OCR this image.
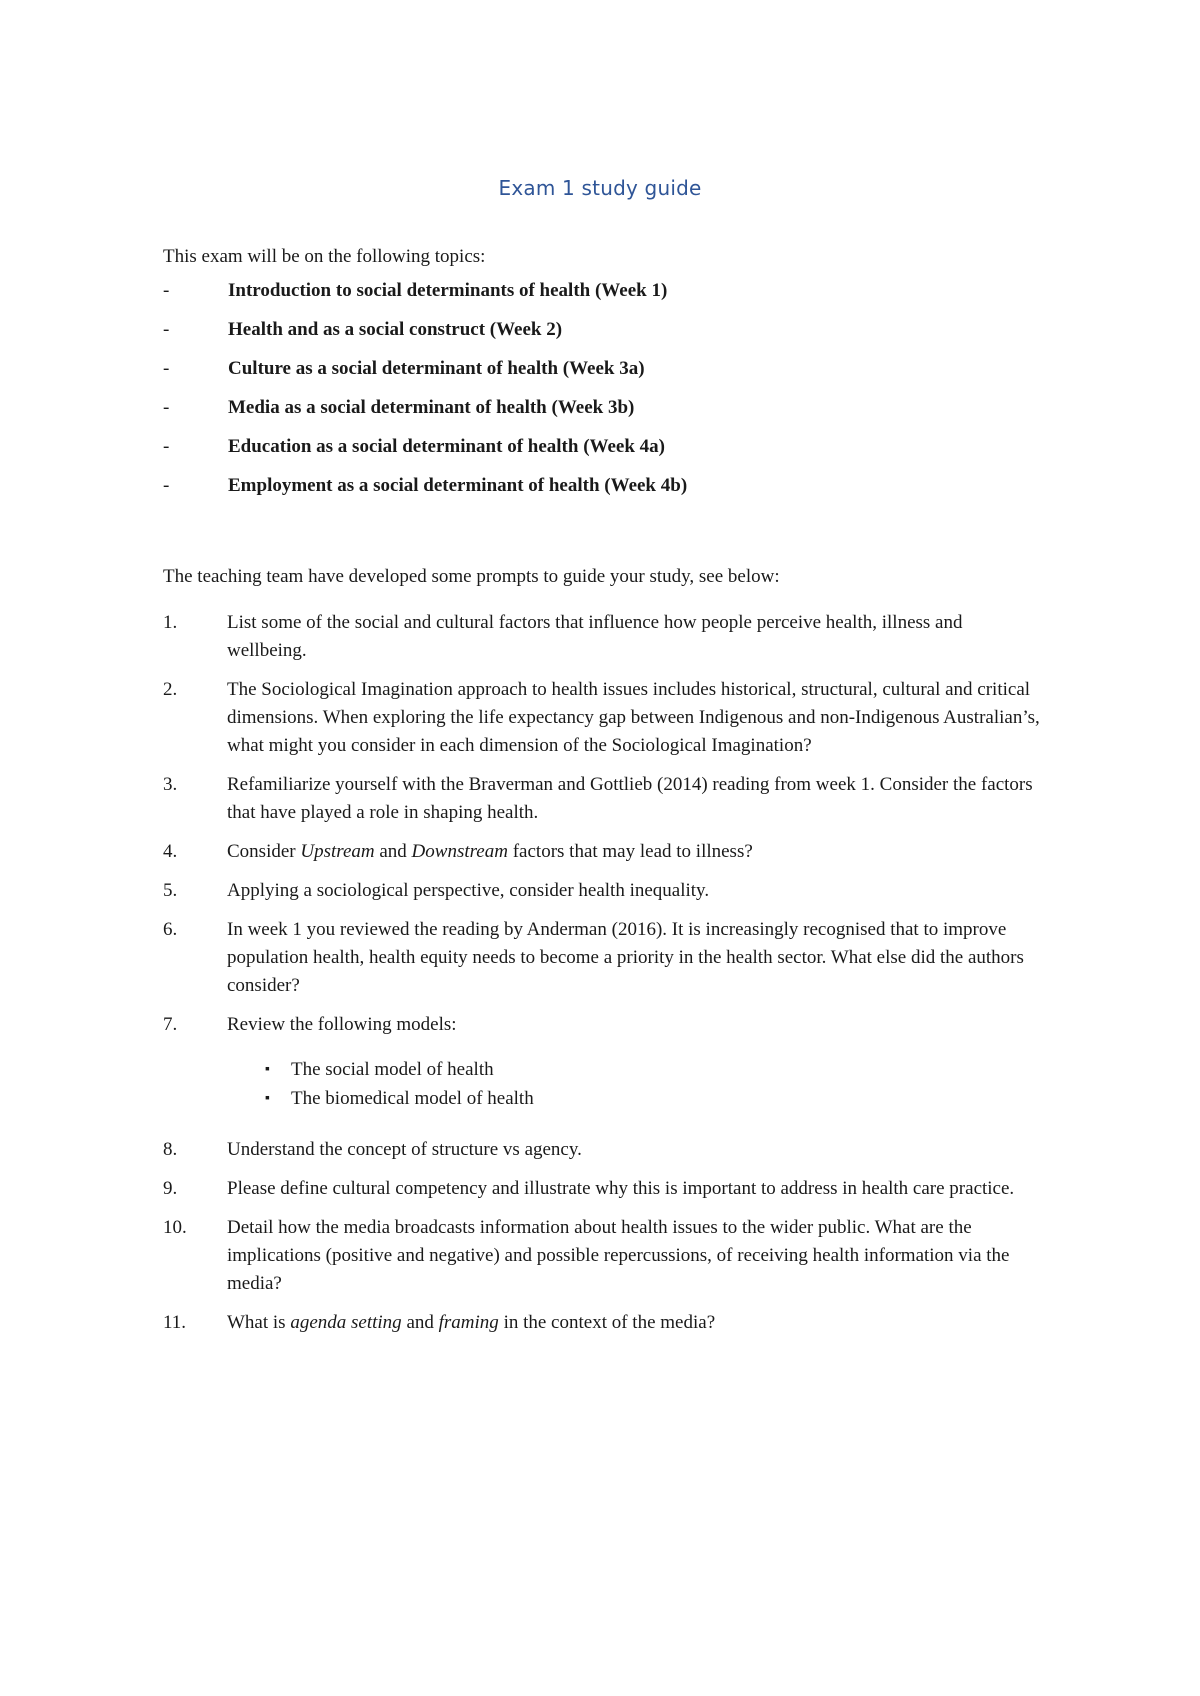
Exam 1 study guide
This exam will be on the following topics:
-	Introduction to social determinants of health (Week 1)
-	Health and as a social construct (Week 2)
-	Culture as a social determinant of health (Week 3a)
-	Media as a social determinant of health (Week 3b)
-	Education as a social determinant of health (Week 4a)
-	Employment as a social determinant of health (Week 4b)
The teaching team have developed some prompts to guide your study, see below:
1.	List some of the social and cultural factors that influence how people perceive health, illness and wellbeing.
2.	The Sociological Imagination approach to health issues includes historical, structural, cultural and critical dimensions. When exploring the life expectancy gap between Indigenous and non-Indigenous Australian’s, what might you consider in each dimension of the Sociological Imagination?
3.	Refamiliarize yourself with the Braverman and Gottlieb (2014) reading from week 1. Consider the factors that have played a role in shaping health.
4.	Consider Upstream and Downstream factors that may lead to illness?
5.	Applying a sociological perspective, consider health inequality.
6.	In week 1 you reviewed the reading by Anderman (2016). It is increasingly recognised that to improve population health, health equity needs to become a priority in the health sector. What else did the authors consider?
7.	Review the following models:
▪	The social model of health
▪	The biomedical model of health
8.	Understand the concept of structure vs agency.
9.	Please define cultural competency and illustrate why this is important to address in health care practice.
10.	Detail how the media broadcasts information about health issues to the wider public. What are the implications (positive and negative) and possible repercussions, of receiving health information via the media?
11.	What is agenda setting and framing in the context of the media?
